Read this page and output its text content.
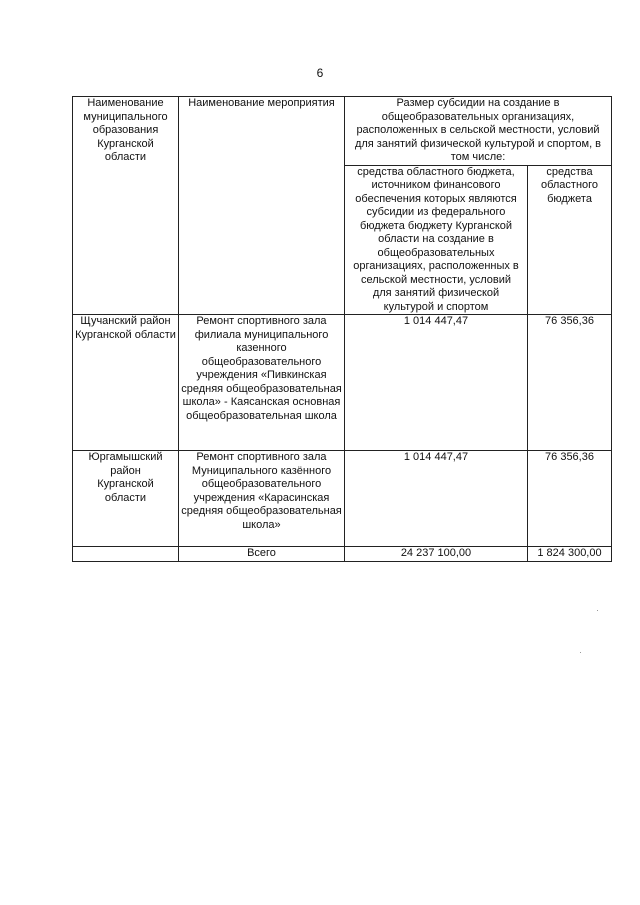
6
Наименование муниципального образования Курганской области	Наименование мероприятия	Размер субсидии на создание в общеобразовательных организациях, расположенных в сельской местности, условий для занятий физической культурой и спортом, в том числе:	

		средства областного бюджета, источником финансового обеспечения которых являются субсидии из федерального бюджета бюджету Курганской области на создание в общеобразовательных организациях, расположенных в сельской местности, условий для занятий физической культурой и спортом	средства областного бюджета

Щучанский район Курганской области	Ремонт спортивного зала филиала муниципального казенного общеобразовательного учреждения «Пивкинская средняя общеобразовательная школа» - Каясанская основная общеобразовательная школа	1 014 447,47	76 356,36

Юргамышский район Курганской области	Ремонт спортивного зала Муниципального казённого общеобразовательного учреждения «Карасинская средняя общеобразовательная школа»	1 014 447,47	76 356,36
	Всего	24 237 100,00	1 824 300,00
